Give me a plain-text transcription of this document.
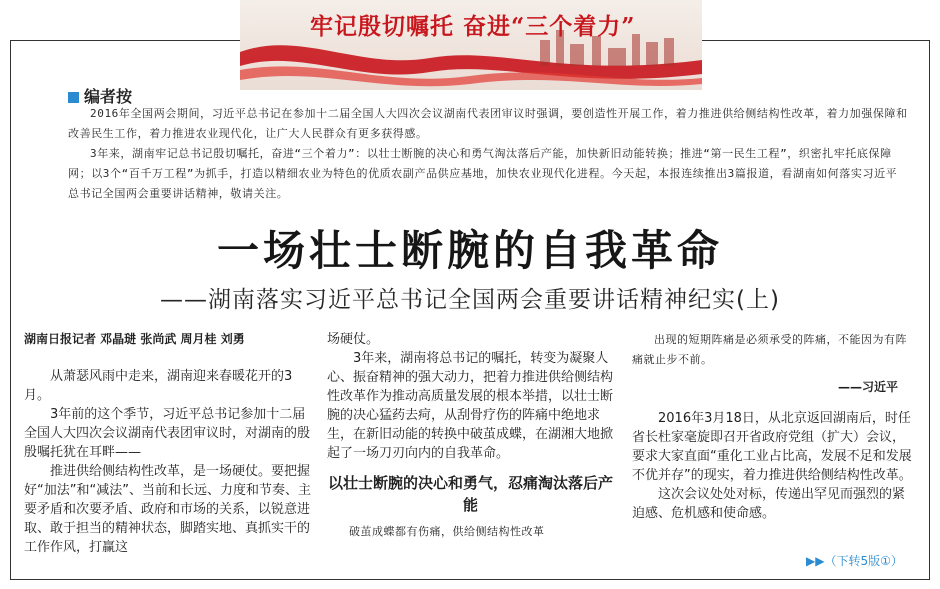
牢记殷切嘱托 奋进“三个着力”
编者按

2016年全国两会期间，习近平总书记在参加十二届全国人大四次会议湖南代表团审议时强调，要创造性开展工作，着力推进供给侧结构性改革，着力加强保障和改善民生工作，着力推进农业现代化，让广大人民群众有更多获得感。

3年来，湖南牢记总书记殷切嘱托，奋进“三个着力”：以壮士断腕的决心和勇气淘汰落后产能，加快新旧动能转换；推进“第一民生工程”，织密扎牢托底保障网；以3个“百千万工程”为抓手，打造以精细农业为特色的优质农副产品供应基地，加快农业现代化进程。今天起，本报连续推出3篇报道，看湖南如何落实习近平总书记全国两会重要讲话精神，敬请关注。

一场壮士断腕的自我革命
——湖南落实习近平总书记全国两会重要讲话精神纪实(上)

湖南日报记者 邓晶琎 张尚武 周月桂 刘勇

从萧瑟风雨中走来，湖南迎来春暖花开的3月。

3年前的这个季节，习近平总书记参加十二届全国人大四次会议湖南代表团审议时，对湖南的殷殷嘱托犹在耳畔——

推进供给侧结构性改革，是一场硬仗。要把握好“加法”和“减法”、当前和长远、力度和节奏、主要矛盾和次要矛盾、政府和市场的关系，以锐意进取、敢于担当的精神状态，脚踏实地、真抓实干的工作作风，打赢这

场硬仗。

3年来，湖南将总书记的嘱托，转变为凝聚人心、振奋精神的强大动力，把着力推进供给侧结构性改革作为推动高质量发展的根本举措，以壮士断腕的决心猛药去疴，从刮骨疗伤的阵痛中绝地求生，在新旧动能的转换中破茧成蝶，在湖湘大地掀起了一场刀刃向内的自我革命。

以壮士断腕的决心和勇气，忍痛淘汰落后产能

破茧成蝶都有伤痛，供给侧结构性改革

出现的短期阵痛是必须承受的阵痛，不能因为有阵痛就止步不前。

——习近平

2016年3月18日，从北京返回湖南后，时任省长杜家毫旋即召开省政府党组（扩大）会议，要求大家直面“重化工业占比高，发展不足和发展不优并存”的现实，着力推进供给侧结构性改革。

这次会议处处对标，传递出罕见而强烈的紧迫感、危机感和使命感。

▶▶（下转5版①）
